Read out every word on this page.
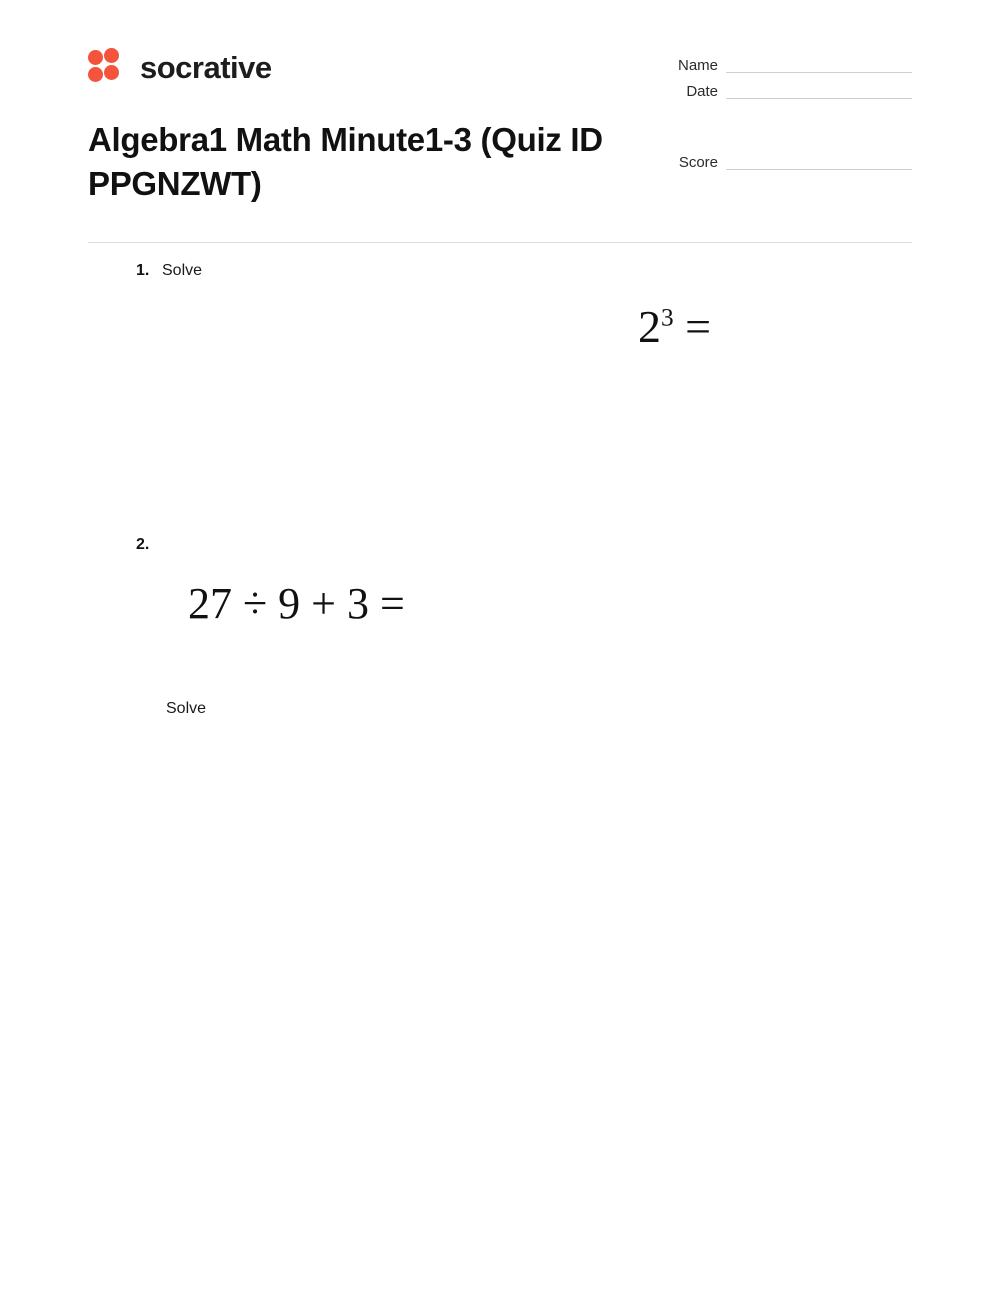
socrative	Name
Date
Score
Algebra1 Math Minute1-3 (Quiz ID PPGNZWT)
1. Solve
$2^3$ =
2.
27 ÷ 9 + 3 =
Solve
